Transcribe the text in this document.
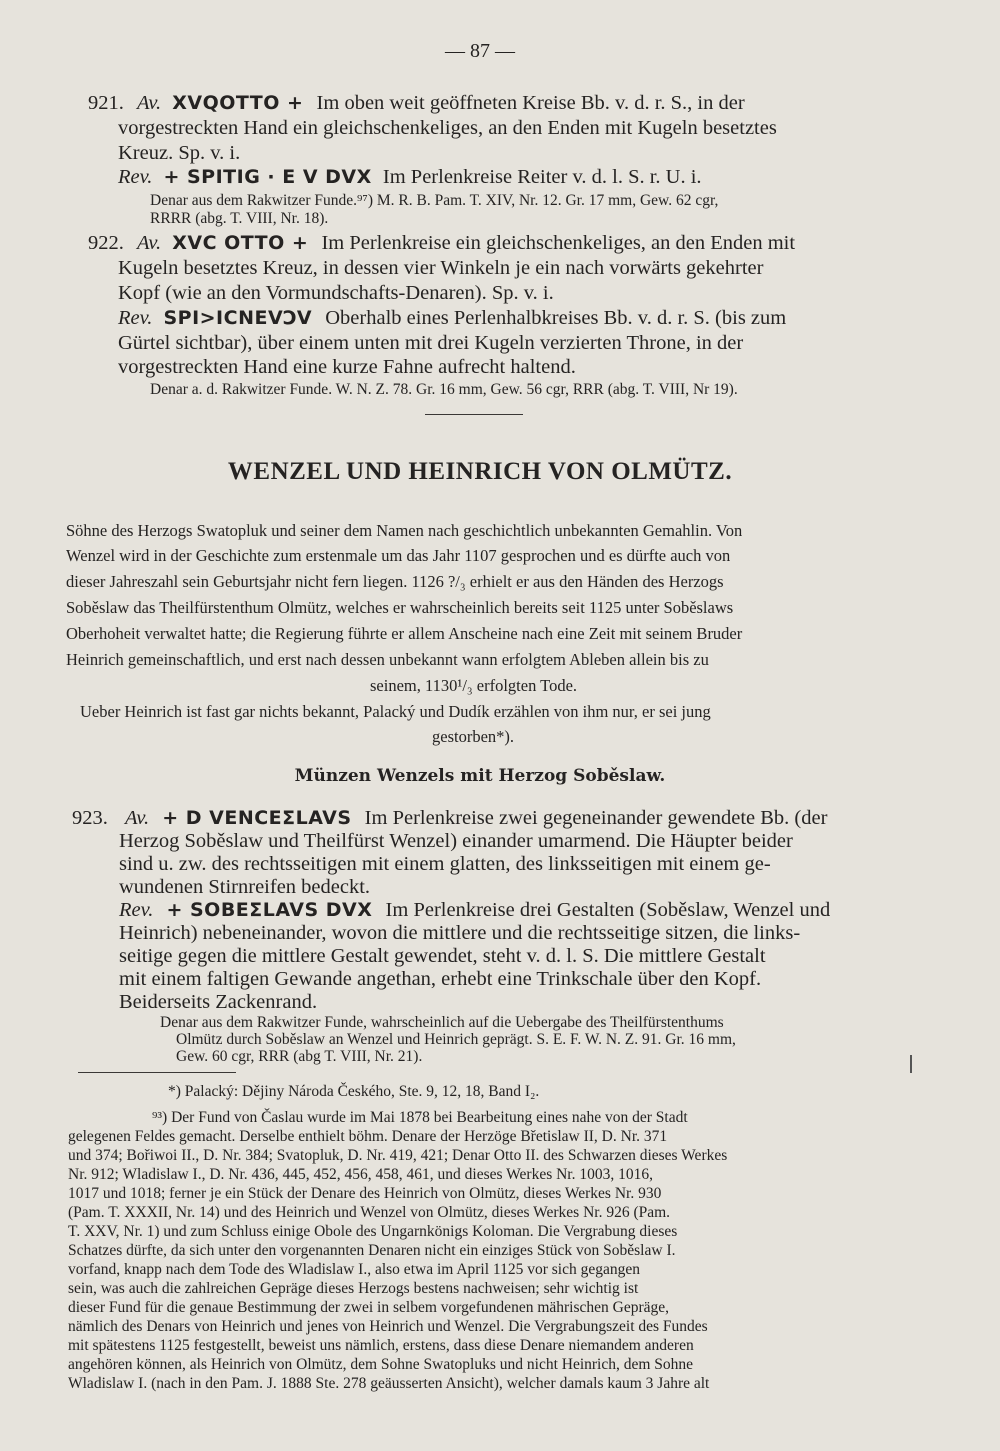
— 87 —
921. Av. XVQOTTO + Im oben weit geöffneten Kreise Bb. v. d. r. S., in der
vorgestreckten Hand ein gleichschenkeliges, an den Enden mit Kugeln besetztes
Kreuz. Sp. v. i.
Rev. + SPIΤIG · E V DVX Im Perlenkreise Reiter v. d. l. S. r. U. i.
Denar aus dem Rakwitzer Funde.⁹⁷) M. R. B. Pam. T. XIV, Nr. 12. Gr. 17 mm, Gew. 62 cgr,
RRRR (abg. T. VIII, Nr. 18).
922. Av. XVC OTTO + Im Perlenkreise ein gleichschenkeliges, an den Enden mit
Kugeln besetztes Kreuz, in dessen vier Winkeln je ein nach vorwärts gekehrter
Kopf (wie an den Vormundschafts-Denaren). Sp. v. i.
Rev. SPI>ICNEVϽV Oberhalb eines Perlenhalbkreises Bb. v. d. r. S. (bis zum
Gürtel sichtbar), über einem unten mit drei Kugeln verzierten Throne, in der
vorgestreckten Hand eine kurze Fahne aufrecht haltend.
Denar a. d. Rakwitzer Funde. W. N. Z. 78. Gr. 16 mm, Gew. 56 cgr, RRR (abg. T. VIII, Nr 19).
WENZEL UND HEINRICH VON OLMÜTZ.
Söhne des Herzogs Swatopluk und seiner dem Namen nach geschichtlich unbekannten Gemahlin. Von
Wenzel wird in der Geschichte zum erstenmale um das Jahr 1107 gesprochen und es dürfte auch von
dieser Jahreszahl sein Geburtsjahr nicht fern liegen. 1126 ?/₃ erhielt er aus den Händen des Herzogs
Soběslaw das Theilfürstenthum Olmütz, welches er wahrscheinlich bereits seit 1125 unter Soběslaws
Oberhoheit verwaltet hatte; die Regierung führte er allem Anscheine nach eine Zeit mit seinem Bruder
Heinrich gemeinschaftlich, und erst nach dessen unbekannt wann erfolgtem Ableben allein bis zu
seinem, 1130¹/₃ erfolgten Tode.
Ueber Heinrich ist fast gar nichts bekannt, Palacký und Dudík erzählen von ihm nur, er sei jung
gestorben*).
Münzen Wenzels mit Herzog Soběslaw.
923. Av. + D VENCEΣLAVS Im Perlenkreise zwei gegeneinander gewendete Bb. (der
Herzog Soběslaw und Theilfürst Wenzel) einander umarmend. Die Häupter beider
sind u. zw. des rechtsseitigen mit einem glatten, des linksseitigen mit einem ge-
wundenen Stirnreifen bedeckt.
Rev. + SOBEΣLAVS DVX Im Perlenkreise drei Gestalten (Soběslaw, Wenzel und
Heinrich) nebeneinander, wovon die mittlere und die rechtsseitige sitzen, die links-
seitige gegen die mittlere Gestalt gewendet, steht v. d. l. S. Die mittlere Gestalt
mit einem faltigen Gewande angethan, erhebt eine Trinkschale über den Kopf.
Beiderseits Zackenrand.
Denar aus dem Rakwitzer Funde, wahrscheinlich auf die Uebergabe des Theilfürstenthums
Olmütz durch Soběslaw an Wenzel und Heinrich geprägt. S. E. F. W. N. Z. 91. Gr. 16 mm,
Gew. 60 cgr, RRR (abg T. VIII, Nr. 21).
*) Palacký: Dějiny Národa Českého, Ste. 9, 12, 18, Band I₂.
⁹³) Der Fund von Časlau wurde im Mai 1878 bei Bearbeitung eines nahe von der Stadt
gelegenen Feldes gemacht. Derselbe enthielt böhm. Denare der Herzöge Břetislaw II, D. Nr. 371
und 374; Bořiwoi II., D. Nr. 384; Svatopluk, D. Nr. 419, 421; Denar Otto II. des Schwarzen dieses Werkes
Nr. 912; Wladislaw I., D. Nr. 436, 445, 452, 456, 458, 461, und dieses Werkes Nr. 1003, 1016,
1017 und 1018; ferner je ein Stück der Denare des Heinrich von Olmütz, dieses Werkes Nr. 930
(Pam. T. XXXII, Nr. 14) und des Heinrich und Wenzel von Olmütz, dieses Werkes Nr. 926 (Pam.
T. XXV, Nr. 1) und zum Schluss einige Obole des Ungarnkönigs Koloman. Die Vergrabung dieses
Schatzes dürfte, da sich unter den vorgenannten Denaren nicht ein einziges Stück von Soběslaw I.
vorfand, knapp nach dem Tode des Wladislaw I., also etwa im April 1125 vor sich gegangen
sein, was auch die zahlreichen Gepräge dieses Herzogs bestens nachweisen; sehr wichtig ist
dieser Fund für die genaue Bestimmung der zwei in selbem vorgefundenen mährischen Gepräge,
nämlich des Denars von Heinrich und jenes von Heinrich und Wenzel. Die Vergrabungszeit des Fundes
mit spätestens 1125 festgestellt, beweist uns nämlich, erstens, dass diese Denare niemandem anderen
angehören können, als Heinrich von Olmütz, dem Sohne Swatopluks und nicht Heinrich, dem Sohne
Wladislaw I. (nach in den Pam. J. 1888 Ste. 278 geäusserten Ansicht), welcher damals kaum 3 Jahre alt
